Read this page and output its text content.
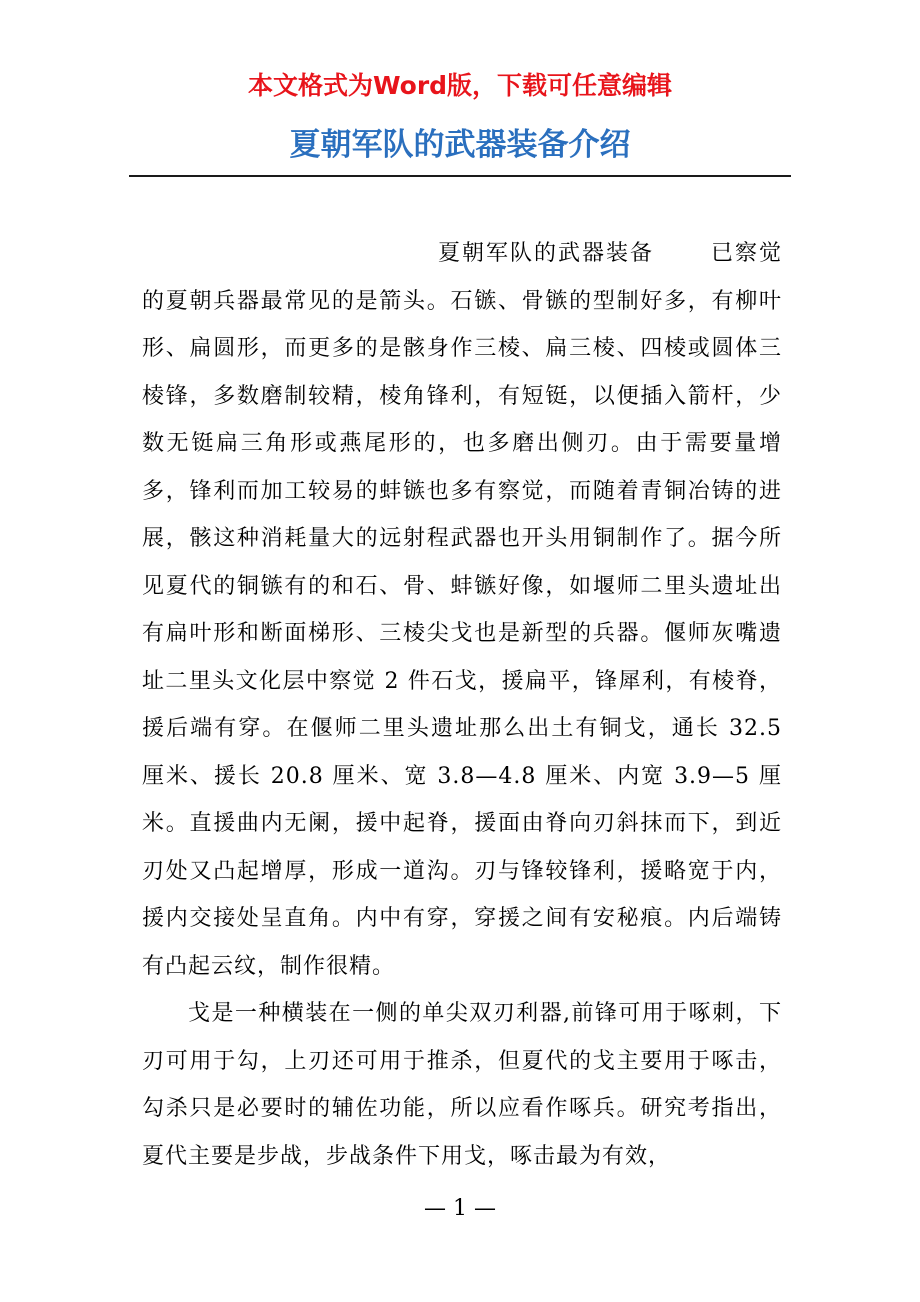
本文格式为Word版，下载可任意编辑
夏朝军队的武器装备介绍

夏朝军队的武器装备	已察觉的夏朝兵器最常见的是箭头。石镞、骨镞的型制好多，有柳叶形、扁圆形，而更多的是骸身作三棱、扁三棱、四棱或圆体三棱锋，多数磨制较精，棱角锋利，有短铤，以便插入箭杆，少数无铤扁三角形或燕尾形的，也多磨出侧刃。由于需要量增多，锋利而加工较易的蚌镞也多有察觉，而随着青铜冶铸的进展，骸这种消耗量大的远射程武器也开头用铜制作了。据今所见夏代的铜镞有的和石、骨、蚌镞好像，如堰师二里头遗址出有扁叶形和断面梯形、三棱尖戈也是新型的兵器。偃师灰嘴遗址二里头文化层中察觉 2 件石戈，援扁平，锋犀利，有棱脊，援后端有穿。在偃师二里头遗址那么出土有铜戈，通长 32.5 厘米、援长 20.8 厘米、宽 3.8—4.8 厘米、内宽 3.9—5 厘米。直援曲内无阑，援中起脊，援面由脊向刃斜抹而下，到近刃处又凸起增厚，形成一道沟。刃与锋较锋利，援略宽于内，援内交接处呈直角。内中有穿，穿援之间有安秘痕。内后端铸有凸起云纹，制作很精。

戈是一种横装在一侧的单尖双刃利器,前锋可用于啄刺，下刃可用于勾，上刃还可用于推杀，但夏代的戈主要用于啄击，勾杀只是必要时的辅佐功能，所以应看作啄兵。研究考指出，夏代主要是步战，步战条件下用戈，啄击最为有效，

— 1 —
